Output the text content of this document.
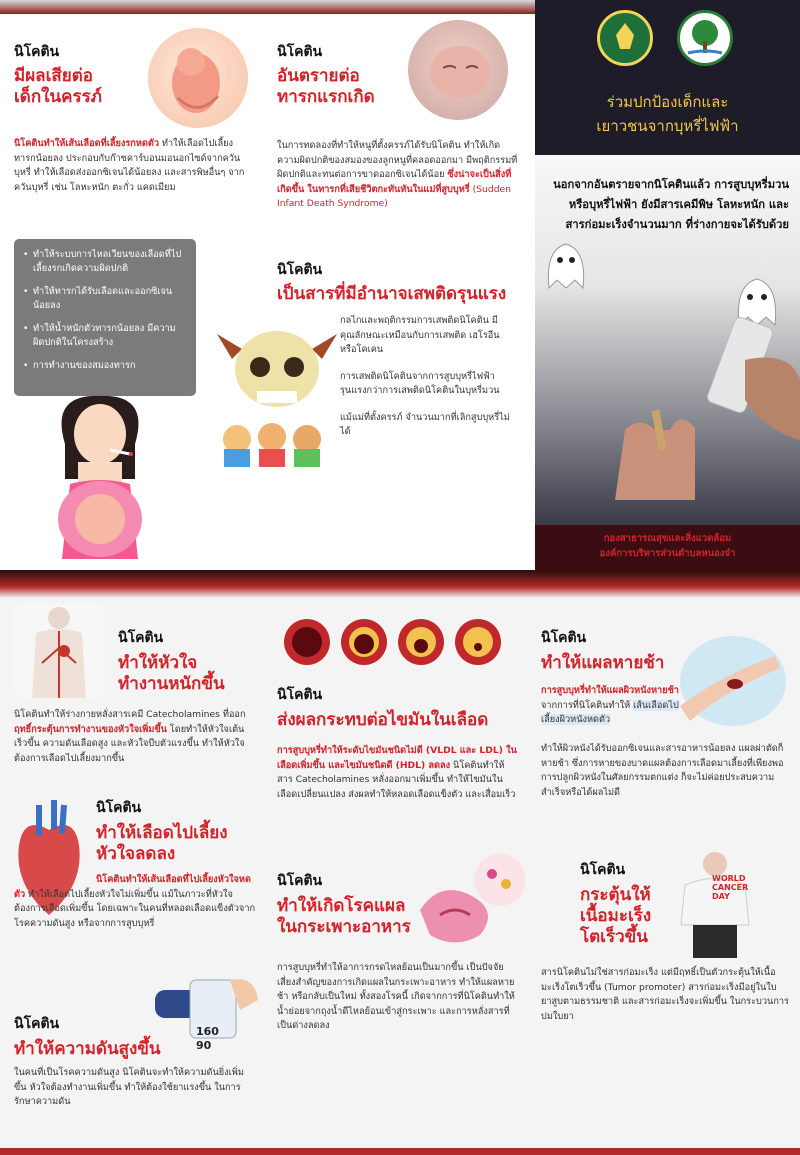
นิโคติน
มีผลเสียต่อ
เด็กในครรภ์
นิโคตินทำให้เส้นเลือดที่เลี้ยงรกหดตัว ทำให้เลือดไปเลี้ยงทารกน้อยลง ประกอบกับก๊าซคาร์บอนมอนอกไซด์จากควันบุหรี่ ทำให้เลือดส่งออกซิเจนได้น้อยลง และสารพิษอื่นๆ จากควันบุหรี่ เช่น โลหะหนัก ตะกั่ว แคดเมียม
• ทำให้ระบบการไหลเวียนของเลือดที่ไปเลี้ยงรกเกิดความผิดปกติ
• ทำให้ทารกได้รับเลือดและออกซิเจนน้อยลง
• ทำให้น้ำหนักตัวทารกน้อยลง มีความผิดปกติในโครงสร้าง
• การทำงานของสมองทารก
นิโคติน
อันตรายต่อ
ทารกแรกเกิด
ในการทดลองที่ทำให้หนูที่ตั้งครรภ์ได้รับนิโคติน ทำให้เกิดความผิดปกติของสมองของลูกหนูที่คลอดออกมา มีพฤติกรรมที่ผิดปกติและทนต่อการขาดออกซิเจนได้น้อย ซึ่งน่าจะเป็นสิ่งที่เกิดขึ้น ในทารกที่เสียชีวิตกะทันหันในแม่ที่สูบบุหรี่ (Sudden Infant Death Syndrome)
นิโคติน
เป็นสารที่มีอำนาจเสพติดรุนแรง

กลไกและพฤติกรรมการเสพติดนิโคติน มีคุณลักษณะเหมือนกับการเสพติด เฮโรอีน หรือโคเคน

การเสพติดนิโคตินจากการสูบบุหรี่ไฟฟ้ารุนแรงกว่าการเสพติดนิโคตินในบุหรี่มวน

แม้แม่ที่ตั้งครรภ์ จำนวนมากที่เลิกสูบบุหรี่ไม่ได้

ร่วมปกป้องเด็กและ
เยาวชนจากบุหรี่ไฟฟ้า
นอกจากอันตรายจากนิโคตินแล้ว การสูบบุหรี่มวน หรือบุหรี่ไฟฟ้า ยังมีสารเคมีพิษ โลหะหนัก และสารก่อมะเร็งจำนวนมาก ที่ร่างกายจะได้รับด้วย
กองสาธารณสุขและสิ่งแวดล้อม
องค์การบริหารส่วนตำบลหนองจ๋า
นิโคติน
ทำให้หัวใจ
ทำงานหนักขึ้น
นิโคตินทำให้ร่างกายหลั่งสารเคมี Catecholamines ที่ออกฤทธิ์กระตุ้นการทำงานของหัวใจเพิ่มขึ้น โดยทำให้หัวใจเต้นเร็วขึ้น ความดันเลือดสูง และหัวใจบีบตัวแรงขึ้น ทำให้หัวใจต้องการเลือดไปเลี้ยงมากขึ้น
นิโคติน
ทำให้เลือดไปเลี้ยง
หัวใจลดลง
นิโคตินทำให้เส้นเลือดที่ไปเลี้ยงหัวใจหดตัว ทำให้เลือดไปเลี้ยงหัวใจไม่เพิ่มขึ้น แม้ในภาวะที่หัวใจต้องการเลือดเพิ่มขึ้น โดยเฉพาะในคนที่หลอดเลือดแข็งตัวจากโรคความดันสูง หรือจากการสูบบุหรี่
นิโคติน
ทำให้ความดันสูงขึ้น
160
90
ในคนที่เป็นโรคความดันสูง นิโคตินจะทำให้ความดันยิ่งเพิ่มขึ้น หัวใจต้องทำงานเพิ่มขึ้น ทำให้ต้องใช้ยาแรงขึ้น ในการรักษาความดัน
นิโคติน
ส่งผลกระทบต่อไขมันในเลือด
การสูบบุหรี่ทำให้ระดับไขมันชนิดไม่ดี (VLDL และ LDL) ในเลือดเพิ่มขึ้น และไขมันชนิดดี (HDL) ลดลง นิโคตินทำให้สาร Catecholamines หลั่งออกมาเพิ่มขึ้น ทำให้ไขมันในเลือดเปลี่ยนแปลง ส่งผลทำให้หลอดเลือดแข็งตัว และเสื่อมเร็ว
นิโคติน
ทำให้เกิดโรคแผล
ในกระเพาะอาหาร
การสูบบุหรี่ทำให้อาการกรดไหลย้อนเป็นมากขึ้น เป็นปัจจัยเสี่ยงสำคัญของการเกิดแผลในกระเพาะอาหาร ทำให้แผลหายช้า หรือกลับเป็นใหม่ ทั้งสองโรคนี้ เกิดจากการที่นิโคตินทำให้น้ำย่อยจากถุงน้ำดีไหลย้อนเข้าสู่กระเพาะ และการหลั่งสารที่เป็นด่างลดลง
นิโคติน
ทำให้แผลหายช้า
การสูบบุหรี่ทำให้แผลผิวหนังหายช้า จากการที่นิโคตินทำให้ เส้นเลือดไปเลี้ยงผิวหนังหดตัว
ทำให้ผิวหนังได้รับออกซิเจนและสารอาหารน้อยลง แผลผ่าตัดก็หายช้า ซึ่งการหายของบาดแผลต้องการเลือดมาเลี้ยงที่เพียงพอ การปลูกผิวหนังในศัลยกรรมตกแต่ง ก็จะไม่ค่อยประสบความสำเร็จหรือได้ผลไม่ดี
นิโคติน
กระตุ้นให้
เนื้อมะเร็ง
โตเร็วขึ้น
WORLD
CANCER
DAY
สารนิโคตินไม่ใช่สารก่อมะเร็ง แต่มีฤทธิ์เป็นตัวกระตุ้นให้เนื้อมะเร็งโตเร็วขึ้น (Tumor promoter) สารก่อมะเร็งมีอยู่ในใบยาสูบตามธรรมชาติ และสารก่อมะเร็งจะเพิ่มขึ้น ในกระบวนการบ่มใบยา
